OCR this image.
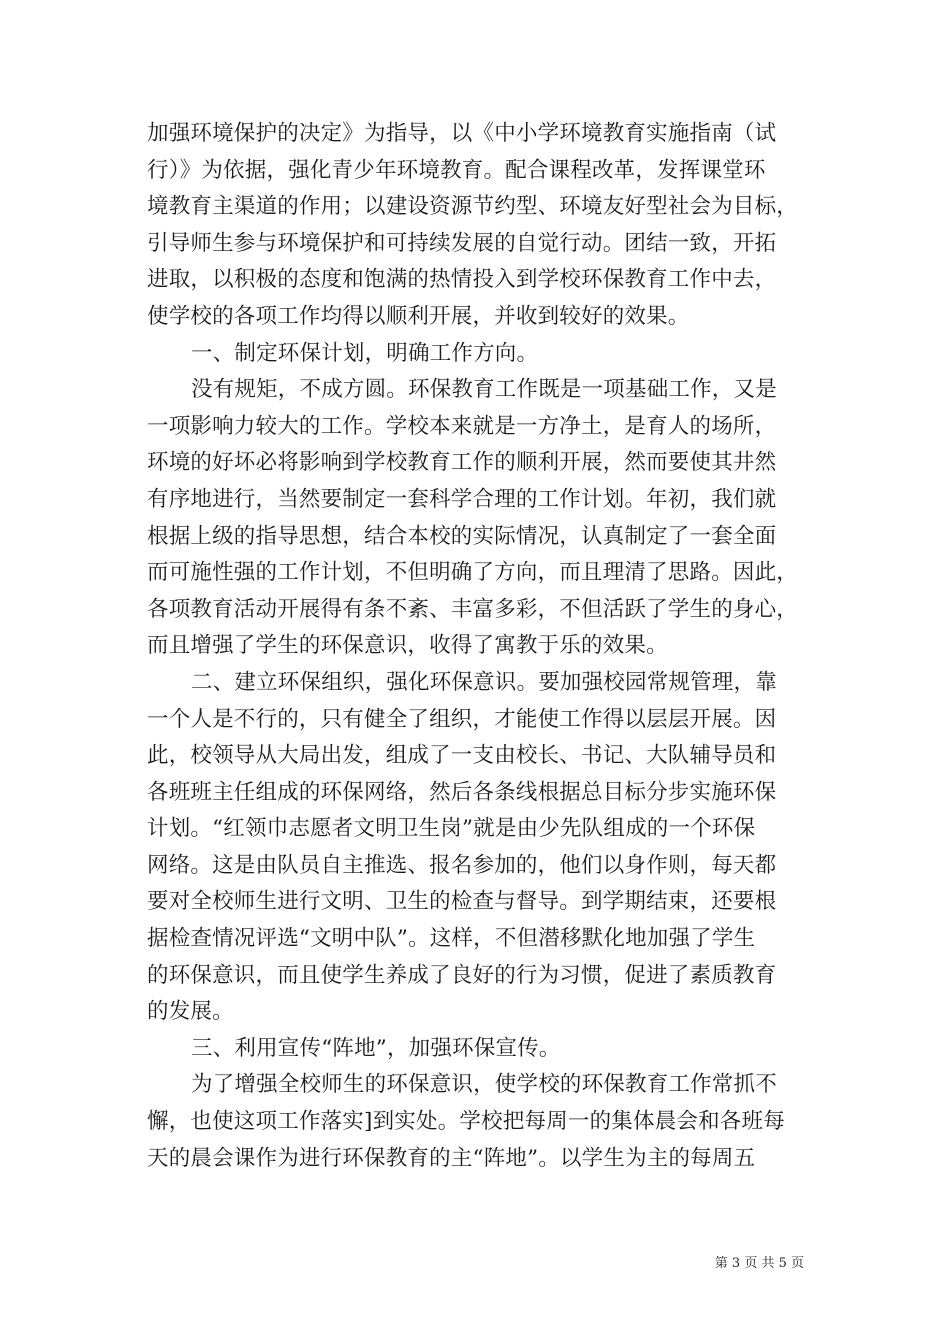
加强环境保护的决定》为指导，以《中小学环境教育实施指南（试
行）》为依据，强化青少年环境教育。配合课程改革，发挥课堂环
境教育主渠道的作用；以建设资源节约型、环境友好型社会为目标，
引导师生参与环境保护和可持续发展的自觉行动。团结一致，开拓
进取，以积极的态度和饱满的热情投入到学校环保教育工作中去，
使学校的各项工作均得以顺利开展，并收到较好的效果。
一、制定环保计划，明确工作方向。
没有规矩，不成方圆。环保教育工作既是一项基础工作，又是
一项影响力较大的工作。学校本来就是一方净土，是育人的场所，
环境的好坏必将影响到学校教育工作的顺利开展，然而要使其井然
有序地进行，当然要制定一套科学合理的工作计划。年初，我们就
根据上级的指导思想，结合本校的实际情况，认真制定了一套全面
而可施性强的工作计划，不但明确了方向，而且理清了思路。因此，
各项教育活动开展得有条不紊、丰富多彩，不但活跃了学生的身心，
而且增强了学生的环保意识，收得了寓教于乐的效果。
二、建立环保组织，强化环保意识。要加强校园常规管理，靠
一个人是不行的，只有健全了组织，才能使工作得以层层开展。因
此，校领导从大局出发，组成了一支由校长、书记、大队辅导员和
各班班主任组成的环保网络，然后各条线根据总目标分步实施环保
计划。“红领巾志愿者文明卫生岗”就是由少先队组成的一个环保
网络。这是由队员自主推选、报名参加的，他们以身作则，每天都
要对全校师生进行文明、卫生的检查与督导。到学期结束，还要根
据检查情况评选“文明中队”。这样，不但潜移默化地加强了学生
的环保意识，而且使学生养成了良好的行为习惯，促进了素质教育
的发展。
三、利用宣传“阵地”，加强环保宣传。
为了增强全校师生的环保意识，使学校的环保教育工作常抓不
懈，也使这项工作落实]到实处。学校把每周一的集体晨会和各班每
天的晨会课作为进行环保教育的主“阵地”。以学生为主的每周五
第 3 页 共 5 页
